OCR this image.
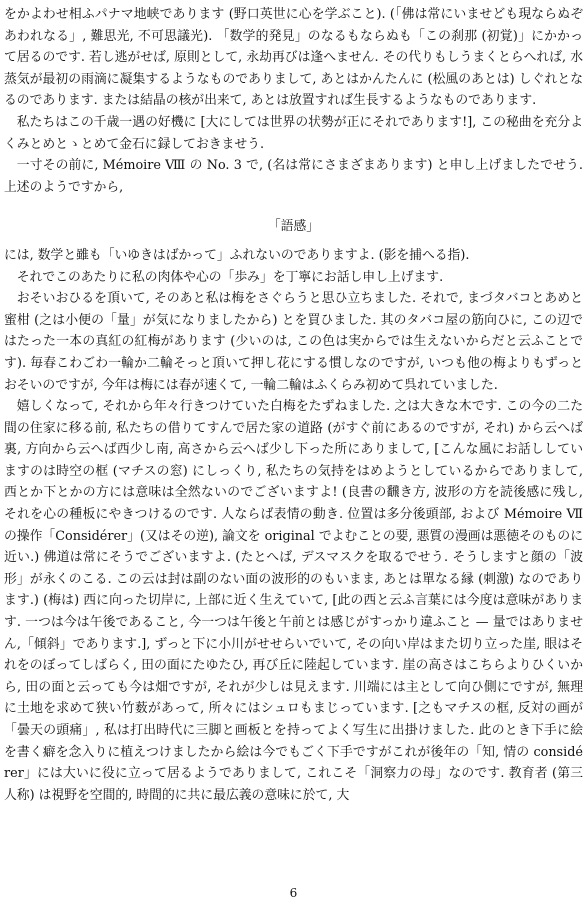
をかよわせ相ふパナマ地峡であります (野口英世に心を学ぶこと). (「佛は常にいませども現ならぬぞあわれなる」, 難思光, 不可思議光). 「数学的発見」のなるもならぬも「この刹那 (初覚)」にかかって居るのです. 若し逃がせば, 原則として, 永劫再びは逢へません. その代りもしうまくとらへれば, 水蒸気が最初の雨滴に凝集するようなものでありまして, あとはかんたんに (松風のあとは) しぐれとなるのであります. または結晶の核が出来て, あとは放置すれば生長するようなものであります.

私たちはこの千歳一遇の好機に [大にしては世界の状勢が正にそれであります!], この秘曲を充分よくみとめとゝとめて金石に録しておきませう.

一寸その前に, Mémoire Ⅷ の No. 3 で, (名は常にさまざまあります) と申し上げましたでせう. 上述のようですから,

「語感」

には, 数学と雖も「いゆきはばかって」ふれないのでありますよ. (影を捕へる指).

それでこのあたりに私の肉体や心の「歩み」を丁寧にお話し申し上げます.

おそいおひるを頂いて, そのあと私は梅をさぐらうと思ひ立ちました. それで, まづタバコとあめと蜜柑 (之は小便の「量」が気になりましたから) とを買ひました. 其のタバコ屋の筋向ひに, この辺ではたった一本の真紅の紅梅があります (少いのは, この色は実からでは生えないからだと云ふことです). 毎春こわごわ一輪か二輪そっと頂いて押し花にする慣しなのですが, いつも他の梅よりもずっとおそいのですが, 今年は梅には春が速くて, 一輪二輪はふくらみ初めて呉れていました.

嬉しくなって, それから年々行きつけていた白梅をたずねました. 之は大きな木です. この今の二た間の住家に移る前, 私たちの借りてすんで居た家の道路 (がすぐ前にあるのですが, それ) から云へば裏, 方向から云へば西少し南, 高さから云へば少し下った所にありまして, [こんな風にお話ししていますのは時空の框 (マチスの窓) にしっくり, 私たちの気持をはめようとしているからでありまして, 西とか下とかの方には意味は全然ないのでございますよ! (良書の飜き方, 波形の方を読後感に残し, それを心の種板にやきつけるのです. 人ならば表情の動き. 位置は多分後頭部, および Mémoire Ⅶ の操作「Considérer」(又はその逆), 論文を original でよむことの要, 悪質の漫画は悪徳そのものに近い.) 佛道は常にそうでございますよ. (たとへば, デスマスクを取るでせう. そうしますと顔の「波形」が永くのこる. この云は封は副のない面の波形的のもいまま, あとは單なる縁 (刺激) なのであります.) (梅は) 西に向った切岸に, 上部に近く生えていて, [此の西と云ふ言葉には今度は意味があります. 一つは今は午後であること, 今一つは午後と午前とは感じがすっかり違ふこと — 量ではありません,「傾斜」であります.], ずっと下に小川がせせらいでいて, その向い岸はまた切り立った崖, 眼はそれをのぼってしばらく, 田の面にたゆたひ, 再び丘に陸起しています. 崖の高さはこちらよりひくいから, 田の面と云っても今は畑ですが, それが少しは見えます. 川端には主として向ひ側にですが, 無理に土地を求めて狭い竹薮があって, 所々にはシュロもまじっています. [之もマチスの框, 反対の画が「曇天の頭痛」, 私は打出時代に三脚と画板とを持ってよく写生に出掛けました. 此のとき下手に絵を書く癖を念入りに植えつけましたから絵は今でもごく下手ですがこれが後年の「知, 情の considérer」には大いに役に立って居るようでありまして, これこそ「洞察力の母」なのです. 教育者 (第三人称) は視野を空間的, 時間的に共に最広義の意味に於て, 大

6
